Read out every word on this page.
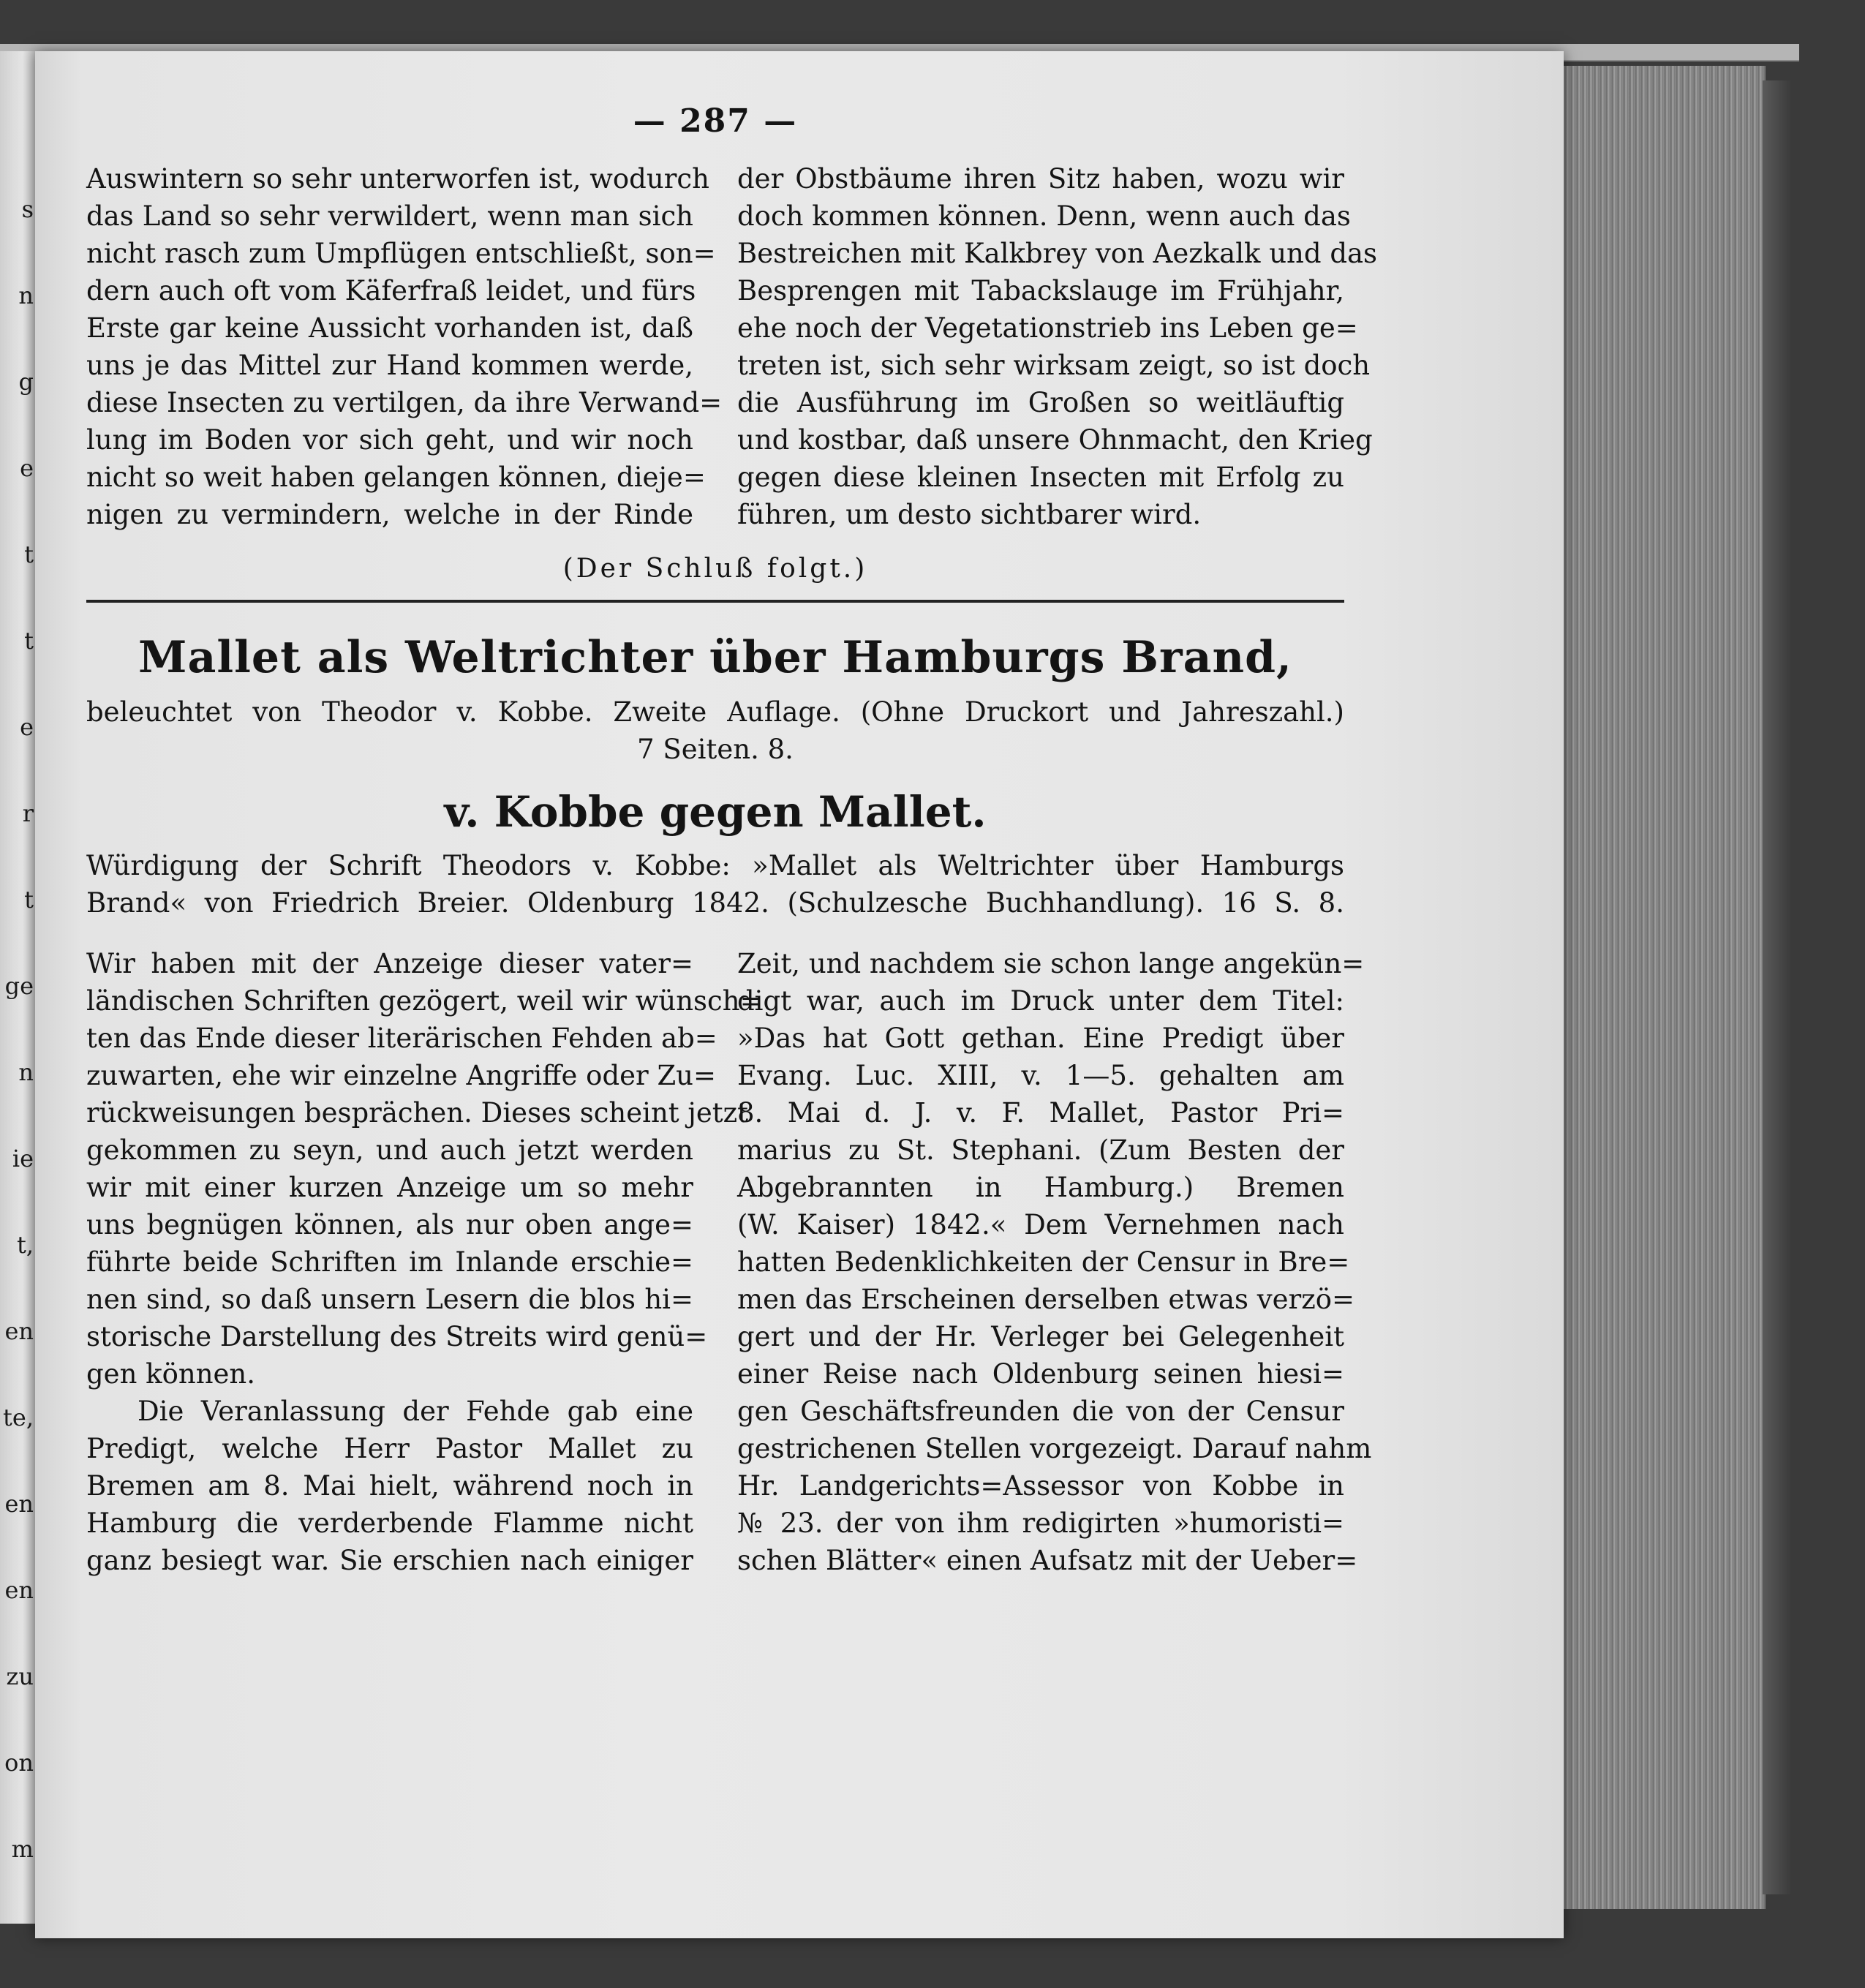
s
n
g
e
t
t
e
r
t
ge
n
ie
t,
en
te,
en
en
zu
on
m
— 287 —
Auswintern so sehr unterworfen ist, wodurch
das Land so sehr verwildert, wenn man sich
nicht rasch zum Umpflügen entschließt, son=
dern auch oft vom Käferfraß leidet, und fürs
Erste gar keine Aussicht vorhanden ist, daß
uns je das Mittel zur Hand kommen werde,
diese Insecten zu vertilgen, da ihre Verwand=
lung im Boden vor sich geht, und wir noch
nicht so weit haben gelangen können, dieje=
nigen zu vermindern, welche in der Rinde
der Obstbäume ihren Sitz haben, wozu wir
doch kommen können. Denn, wenn auch das
Bestreichen mit Kalkbrey von Aezkalk und das
Besprengen mit Tabackslauge im Frühjahr,
ehe noch der Vegetationstrieb ins Leben ge=
treten ist, sich sehr wirksam zeigt, so ist doch
die Ausführung im Großen so weitläuftig
und kostbar, daß unsere Ohnmacht, den Krieg
gegen diese kleinen Insecten mit Erfolg zu
führen, um desto sichtbarer wird.
(Der Schluß folgt.)
Mallet als Weltrichter über Hamburgs Brand,
beleuchtet von Theodor v. Kobbe. Zweite Auflage. (Ohne Druckort und Jahreszahl.)
7 Seiten. 8.
v. Kobbe gegen Mallet.
Würdigung der Schrift Theodors v. Kobbe: »Mallet als Weltrichter über Hamburgs
Brand« von Friedrich Breier. Oldenburg 1842. (Schulzesche Buchhandlung). 16 S. 8.
Wir haben mit der Anzeige dieser vater=
ländischen Schriften gezögert, weil wir wünsch=
ten das Ende dieser literärischen Fehden ab=
zuwarten, ehe wir einzelne Angriffe oder Zu=
rückweisungen besprächen. Dieses scheint jetzt
gekommen zu seyn, und auch jetzt werden
wir mit einer kurzen Anzeige um so mehr
uns begnügen können, als nur oben ange=
führte beide Schriften im Inlande erschie=
nen sind, so daß unsern Lesern die blos hi=
storische Darstellung des Streits wird genü=
gen können.
Die Veranlassung der Fehde gab eine
Predigt, welche Herr Pastor Mallet zu
Bremen am 8. Mai hielt, während noch in
Hamburg die verderbende Flamme nicht
ganz besiegt war. Sie erschien nach einiger
Zeit, und nachdem sie schon lange angekün=
digt war, auch im Druck unter dem Titel:
»Das hat Gott gethan. Eine Predigt über
Evang. Luc. XIII, v. 1—5. gehalten am
8. Mai d. J. v. F. Mallet, Pastor Pri=
marius zu St. Stephani. (Zum Besten der
Abgebrannten in Hamburg.) Bremen
(W. Kaiser) 1842.« Dem Vernehmen nach
hatten Bedenklichkeiten der Censur in Bre=
men das Erscheinen derselben etwas verzö=
gert und der Hr. Verleger bei Gelegenheit
einer Reise nach Oldenburg seinen hiesi=
gen Geschäftsfreunden die von der Censur
gestrichenen Stellen vorgezeigt. Darauf nahm
Hr. Landgerichts=Assessor von Kobbe in
№ 23. der von ihm redigirten »humoristi=
schen Blätter« einen Aufsatz mit der Ueber=
